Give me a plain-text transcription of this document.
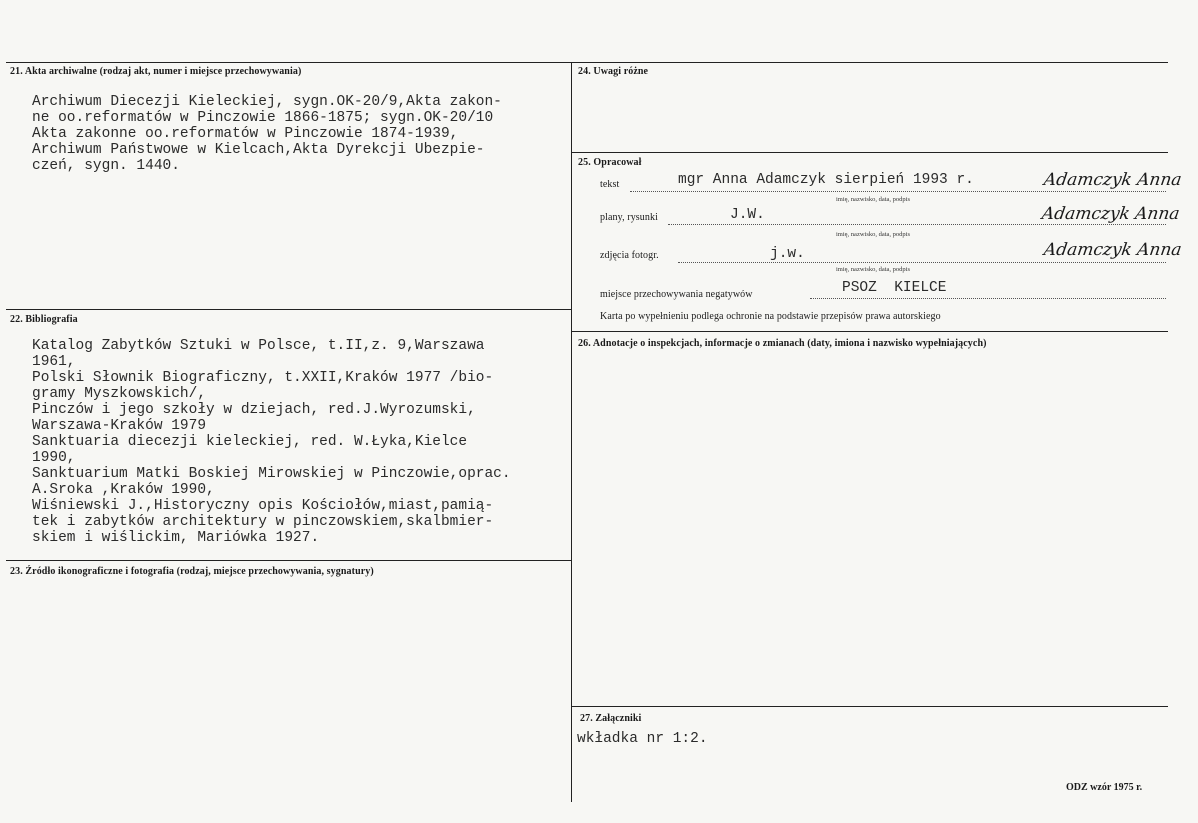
21. Akta archiwalne (rodzaj akt, numer i miejsce przechowywania)
Archiwum Diecezji Kieleckiej, sygn.OK-20/9,Akta zakon-
ne oo.reformatów w Pinczowie 1866-1875; sygn.OK-20/10
Akta zakonne oo.reformatów w Pinczowie 1874-1939,
Archiwum Państwowe w Kielcach,Akta Dyrekcji Ubezpie-
czeń, sygn. 1440.
22. Bibliografia
Katalog Zabytków Sztuki w Polsce, t.II,z. 9,Warszawa
1961,
Polski Słownik Biograficzny, t.XXII,Kraków 1977 /bio-
gramy Myszkowskich/,
Pinczów i jego szkoły w dziejach, red.J.Wyrozumski,
Warszawa-Kraków 1979
Sanktuaria diecezji kieleckiej, red. W.Łyka,Kielce
1990,
Sanktuarium Matki Boskiej Mirowskiej w Pinczowie,oprac.
A.Sroka ,Kraków 1990,
Wiśniewski J.,Historyczny opis Kościołów,miast,pamią-
tek i zabytków architektury w pinczowskiem,skalbmier-
skiem i wiślickim, Mariówka 1927.
23. Źródło ikonograficzne i fotografia (rodzaj, miejsce przechowywania, sygnatury)
24. Uwagi różne
25. Opracował
tekst	mgr Anna Adamczyk sierpień 1993 r.	Adamczyk Anna
imię, nazwisko, data, podpis
plany, rysunki	J.W.	Adamczyk Anna
imię, nazwisko, data, podpis
zdjęcia fotogr.	j.w.	Adamczyk Anna
imię, nazwisko, data, podpis
miejsce przechowywania negatywów	PSOZ  KIELCE
Karta po wypełnieniu podlega ochronie na podstawie przepisów prawa autorskiego
26. Adnotacje o inspekcjach, informacje o zmianach (daty, imiona i nazwisko wypełniających)
27. Załączniki
wkładka nr 1:2.
ODZ wzór 1975 r.
